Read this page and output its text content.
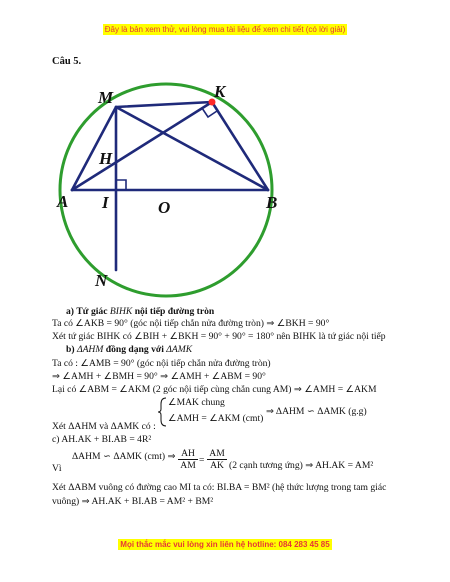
Đây là bản xem thử, vui lòng mua tài liệu để xem chi tiết (có lời giải)
Câu 5.
M	K
H
A I	O	B
N
a) Tứ giác BIHK nội tiếp đường tròn
Ta có ∠AKB = 90° (góc nội tiếp chắn nửa đường tròn) ⇒ ∠BKH = 90°
Xét tứ giác BIHK có ∠BIH + ∠BKH = 90° + 90° = 180° nên BIHK là tứ giác nội tiếp
b) ΔAHM đồng dạng với ΔAMK
Ta có : ∠AMB = 90° (góc nội tiếp chắn nửa đường tròn)
⇒ ∠AMH + ∠BMH = 90° ⇒ ∠AMH + ∠ABM = 90°
Lại có ∠ABM = ∠AKM (2 góc nội tiếp cùng chắn cung AM) ⇒ ∠AMH = ∠AKM
Xét ΔAHM và ΔAMK có :
∠MAK chung
∠AMH = ∠AKM (cmt)
⇒ ΔAHM ∽ ΔAMK (g.g)
c) AH.AK + BI.AB = 4R²
ΔAHM ∽ ΔAMK (cmt) ⇒
Vì
AH
AM =
AM
AK (2 cạnh tương ứng) ⇒ AH.AK = AM²
Xét ΔABM vuông có đường cao MI ta có: BI.BA = BM² (hệ thức lượng trong tam giác
vuông) ⇒ AH.AK + BI.AB = AM² + BM²
Mọi thắc mắc vui lòng xin liên hệ hotline: 084 283 45 85
